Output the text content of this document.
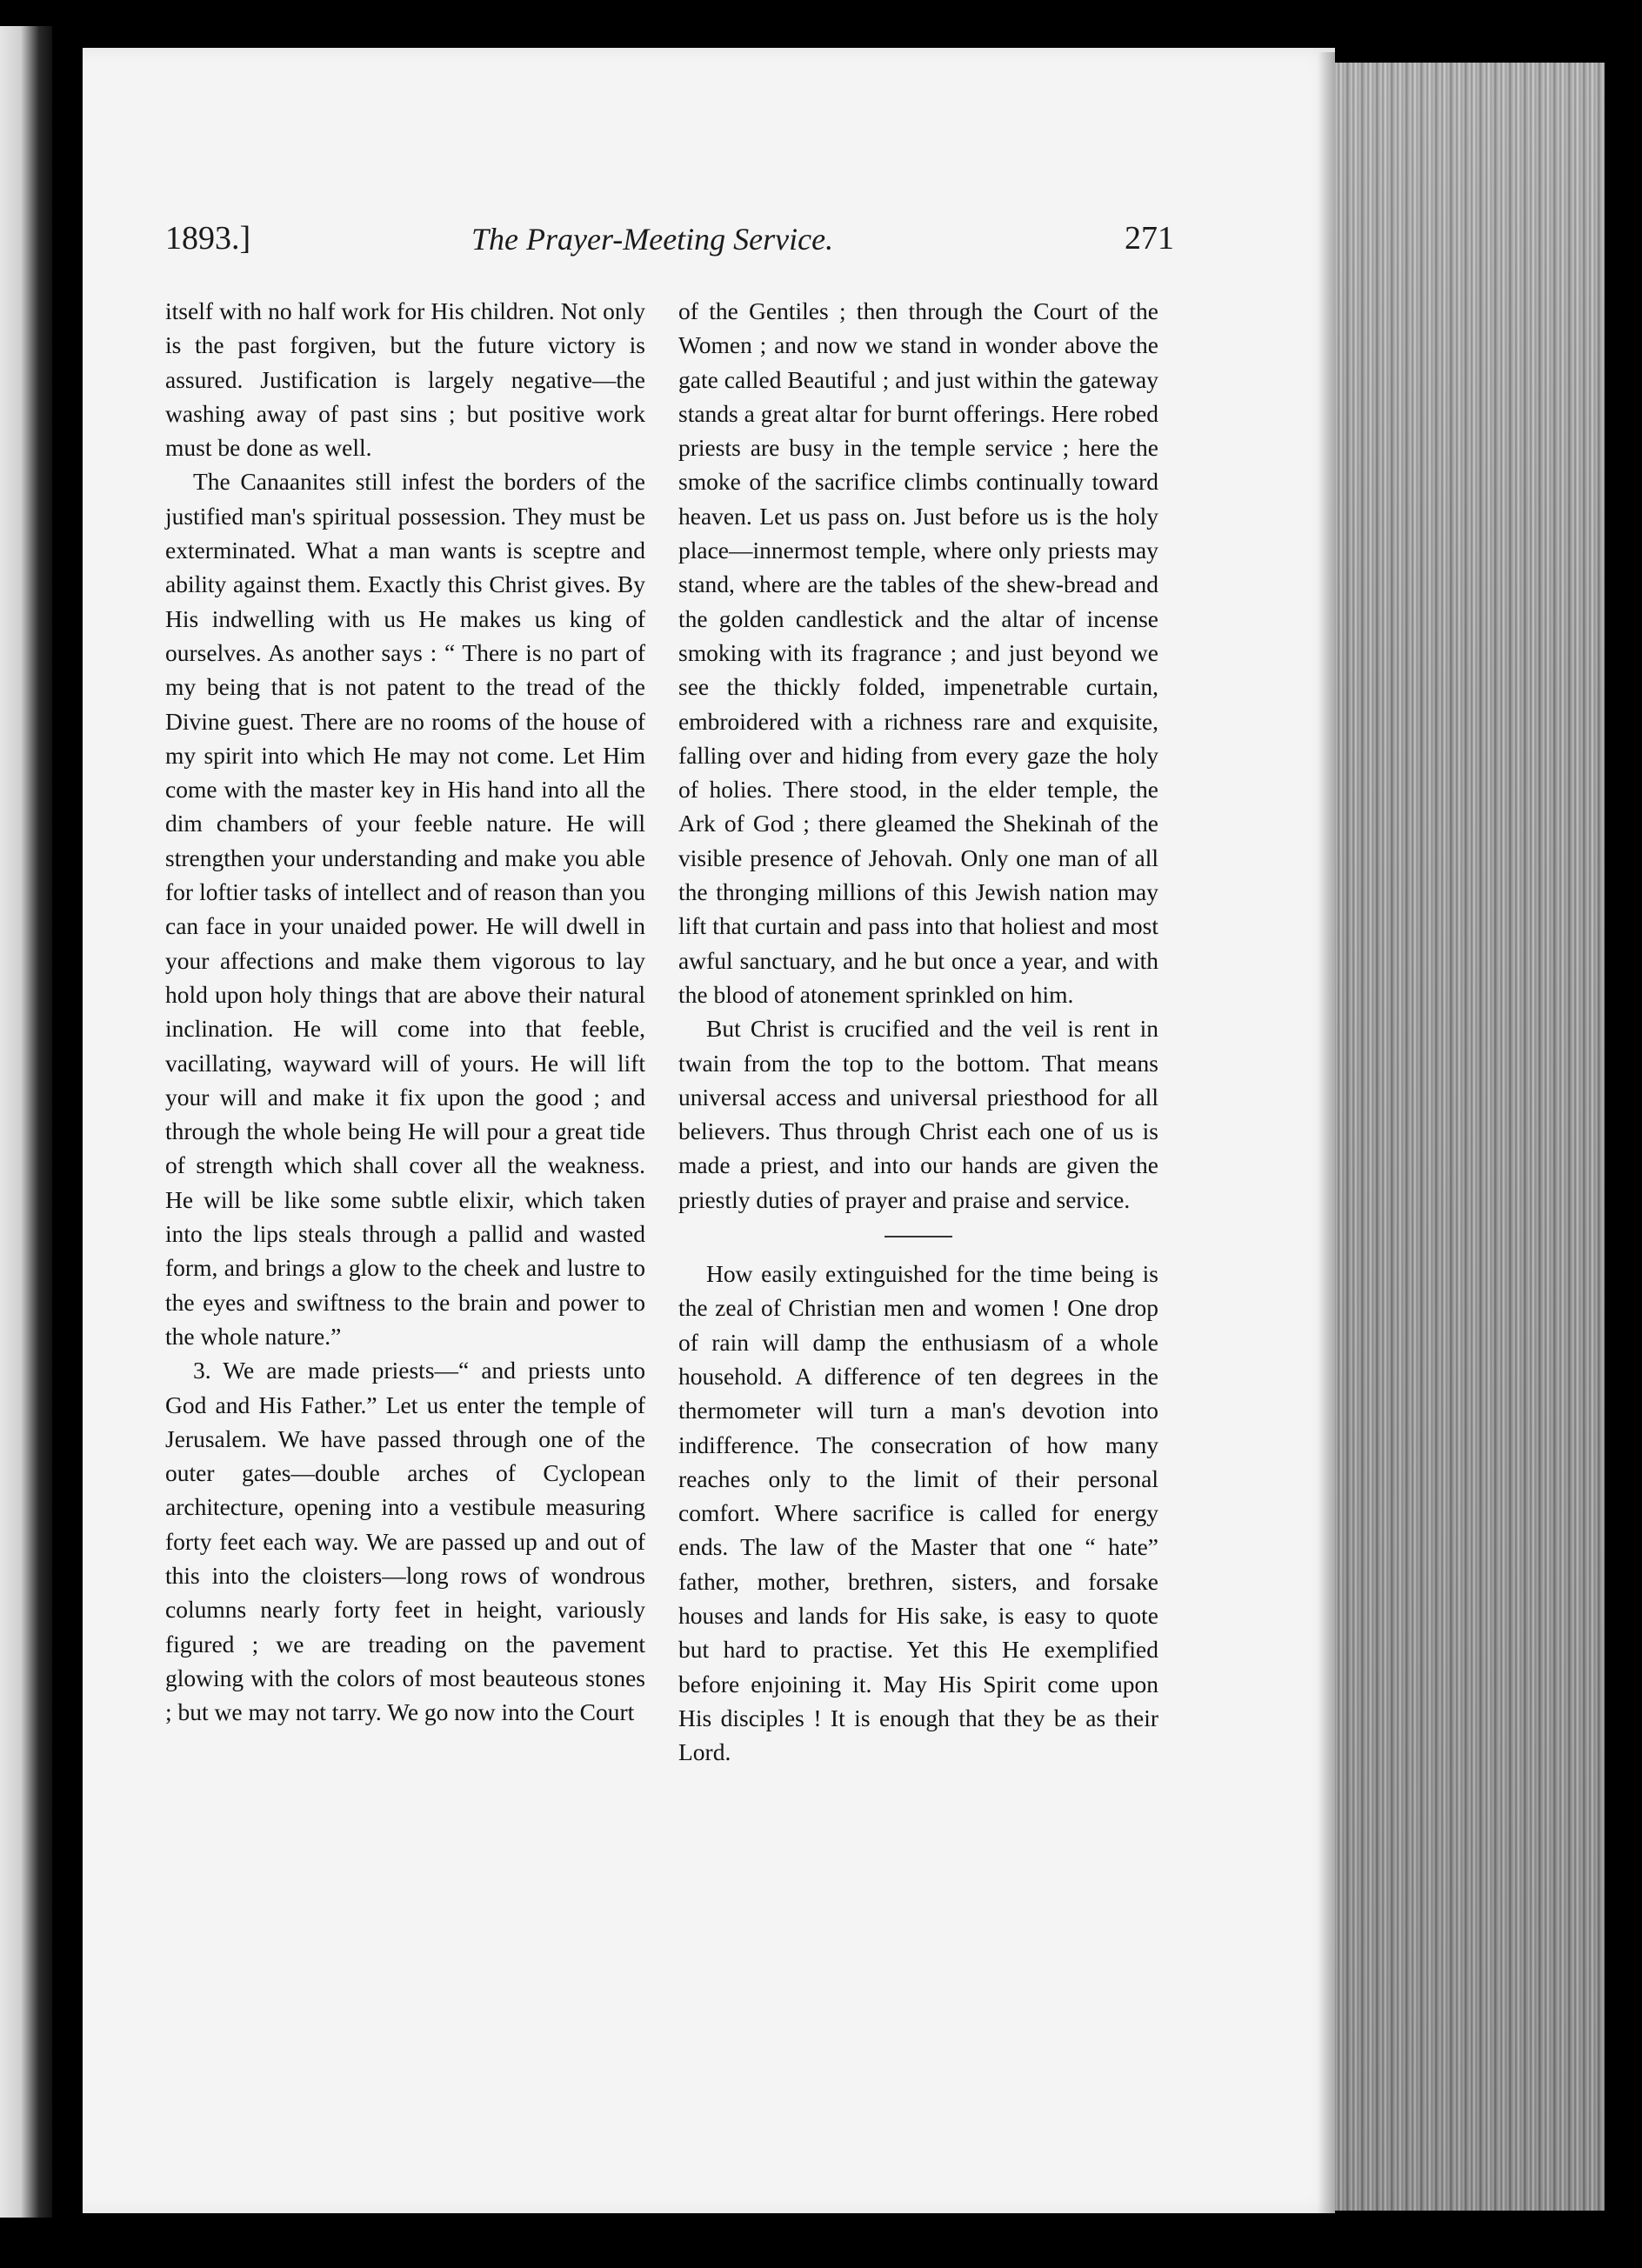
1893.]	The Prayer-Meeting Service.	271

itself with no half work for His children. Not only is the past forgiven, but the future victory is assured. Justification is largely negative—the washing away of past sins ; but positive work must be done as well.

The Canaanites still infest the borders of the justified man's spiritual possession. They must be exterminated. What a man wants is sceptre and ability against them. Exactly this Christ gives. By His indwelling with us He makes us king of ourselves. As another says : “ There is no part of my being that is not patent to the tread of the Divine guest. There are no rooms of the house of my spirit into which He may not come. Let Him come with the master key in His hand into all the dim chambers of your feeble nature. He will strengthen your understanding and make you able for loftier tasks of intellect and of reason than you can face in your unaided power. He will dwell in your affections and make them vigorous to lay hold upon holy things that are above their natural inclination. He will come into that feeble, vacillating, wayward will of yours. He will lift your will and make it fix upon the good ; and through the whole being He will pour a great tide of strength which shall cover all the weakness. He will be like some subtle elixir, which taken into the lips steals through a pallid and wasted form, and brings a glow to the cheek and lustre to the eyes and swiftness to the brain and power to the whole nature.”

3. We are made priests—“ and priests unto God and His Father.” Let us enter the temple of Jerusalem. We have passed through one of the outer gates—double arches of Cyclopean architecture, opening into a vestibule measuring forty feet each way. We are passed up and out of this into the cloisters—long rows of wondrous columns nearly forty feet in height, variously figured ; we are treading on the pavement glowing with the colors of most beauteous stones ; but we may not tarry. We go now into the Court

of the Gentiles ; then through the Court of the Women ; and now we stand in wonder above the gate called Beautiful ; and just within the gateway stands a great altar for burnt offerings. Here robed priests are busy in the temple service ; here the smoke of the sacrifice climbs continually toward heaven. Let us pass on. Just before us is the holy place—innermost temple, where only priests may stand, where are the tables of the shew-bread and the golden candlestick and the altar of incense smoking with its fragrance ; and just beyond we see the thickly folded, impenetrable curtain, embroidered with a richness rare and exquisite, falling over and hiding from every gaze the holy of holies. There stood, in the elder temple, the Ark of God ; there gleamed the Shekinah of the visible presence of Jehovah. Only one man of all the thronging millions of this Jewish nation may lift that curtain and pass into that holiest and most awful sanctuary, and he but once a year, and with the blood of atonement sprinkled on him.

But Christ is crucified and the veil is rent in twain from the top to the bottom. That means universal access and universal priesthood for all believers. Thus through Christ each one of us is made a priest, and into our hands are given the priestly duties of prayer and praise and service.

How easily extinguished for the time being is the zeal of Christian men and women ! One drop of rain will damp the enthusiasm of a whole household. A difference of ten degrees in the thermometer will turn a man's devotion into indifference. The consecration of how many reaches only to the limit of their personal comfort. Where sacrifice is called for energy ends. The law of the Master that one “ hate” father, mother, brethren, sisters, and forsake houses and lands for His sake, is easy to quote but hard to practise. Yet this He exemplified before enjoining it. May His Spirit come upon His disciples ! It is enough that they be as their Lord.
